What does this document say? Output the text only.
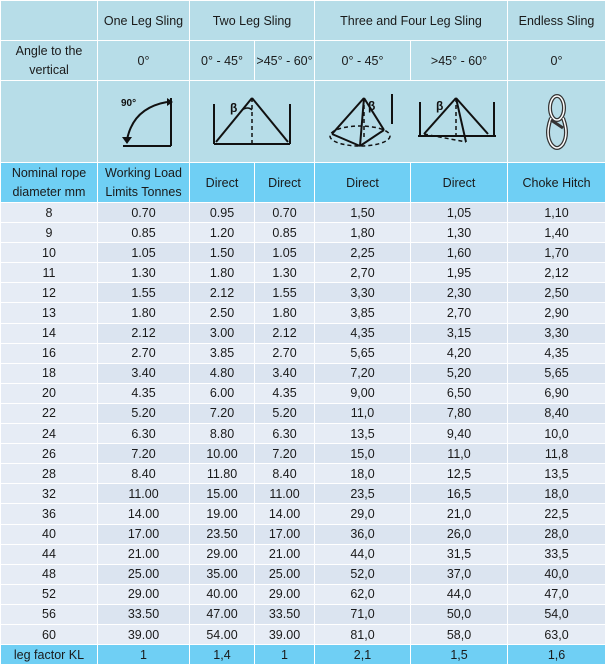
	One Leg Sling	Two Leg Sling		Three and Four Leg Sling		Endless Sling
Angle to the vertical	0°	0° - 45°	>45° - 60°	0° - 45°	>45° - 60°	0°

90°	β		β β

Nominal rope diameter mm	Working Load Limits Tonnes	Direct	Direct	Direct	Direct	Choke Hitch
8	0.70	0.95	0.70	1,50	1,05	1,10
9	0.85	1.20	0.85	1,80	1,30	1,40
10	1.05	1.50	1.05	2,25	1,60	1,70
11	1.30	1.80	1.30	2,70	1,95	2,12
12	1.55	2.12	1.55	3,30	2,30	2,50
13	1.80	2.50	1.80	3,85	2,70	2,90
14	2.12	3.00	2.12	4,35	3,15	3,30
16	2.70	3.85	2.70	5,65	4,20	4,35
18	3.40	4.80	3.40	7,20	5,20	5,65
20	4.35	6.00	4.35	9,00	6,50	6,90
22	5.20	7.20	5.20	11,0	7,80	8,40
24	6.30	8.80	6.30	13,5	9,40	10,0
26	7.20	10.00	7.20	15,0	11,0	11,8
28	8.40	11.80	8.40	18,0	12,5	13,5
32	11.00	15.00	11.00	23,5	16,5	18,0
36	14.00	19.00	14.00	29,0	21,0	22,5
40	17.00	23.50	17.00	36,0	26,0	28,0
44	21.00	29.00	21.00	44,0	31,5	33,5
48	25.00	35.00	25.00	52,0	37,0	40,0
52	29.00	40.00	29.00	62,0	44,0	47,0
56	33.50	47.00	33.50	71,0	50,0	54,0
60	39.00	54.00	39.00	81,0	58,0	63,0
leg factor KL	1	1,4	1	2,1	1,5	1,6
